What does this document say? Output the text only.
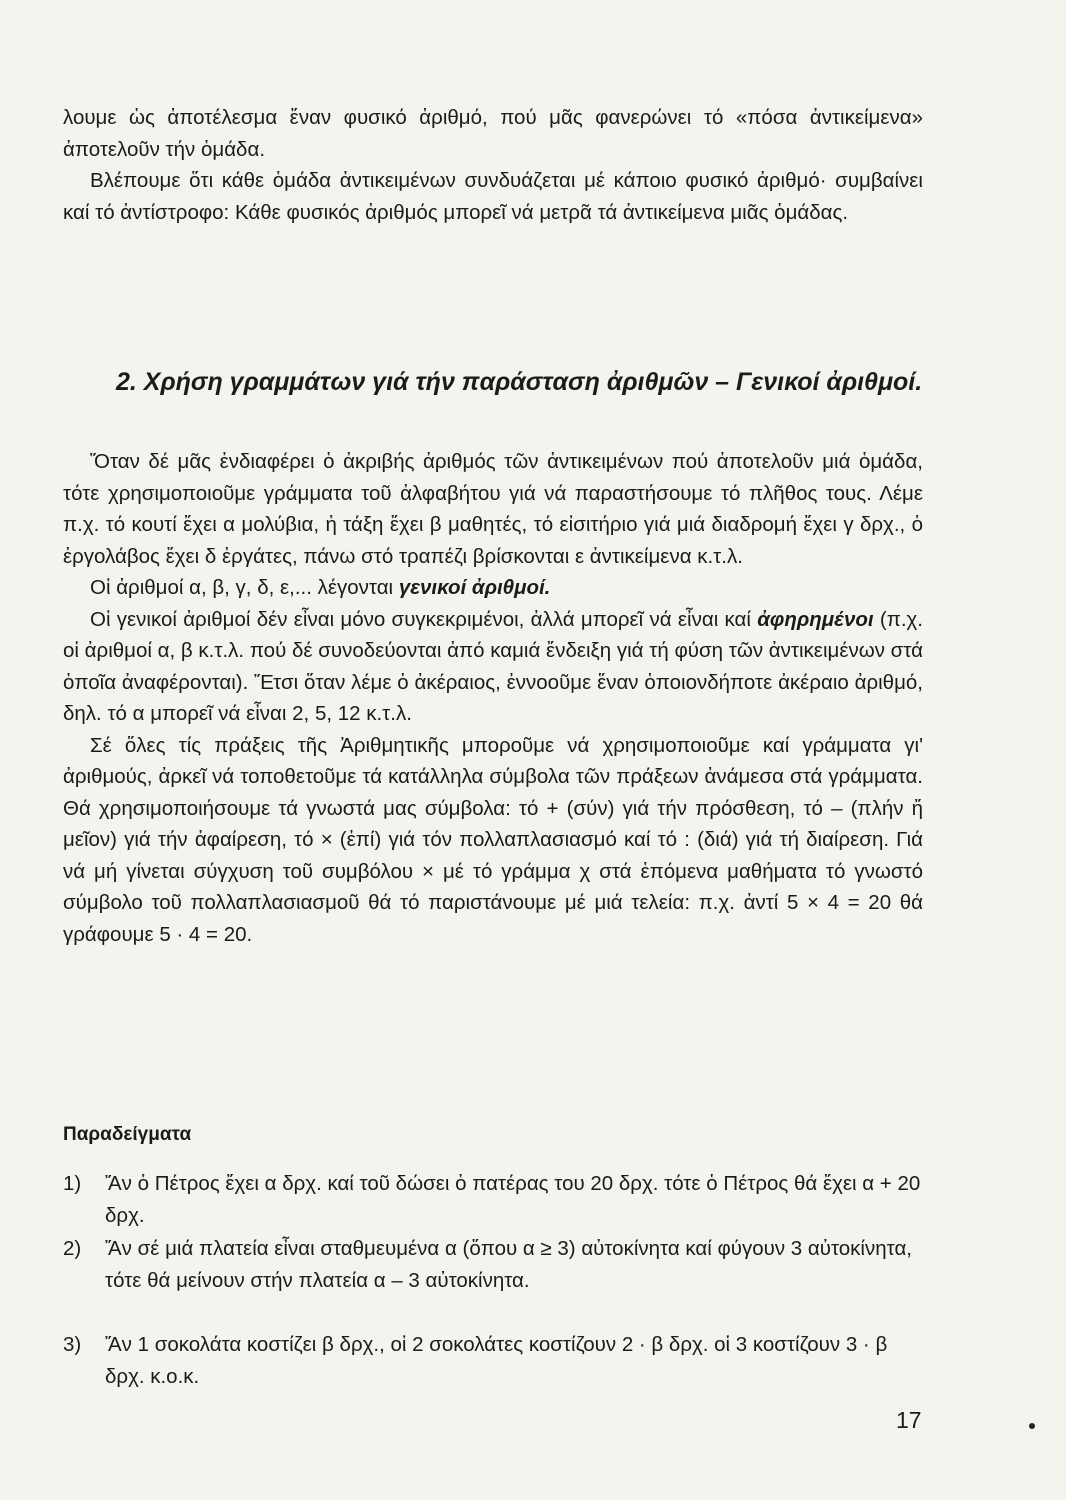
λουμε ὡς ἀποτέλεσμα ἕναν φυσικό ἀριθμό, πού μᾶς φανερώνει τό «πόσα ἀντικείμενα» ἀποτελοῦν τήν ὁμάδα.

Βλέπουμε ὅτι κάθε ὁμάδα ἀντικειμένων συνδυάζεται μέ κάποιο φυσικό ἀριθμό· συμβαίνει καί τό ἀντίστροφο: Κάθε φυσικός ἀριθμός μπορεῖ νά μετρᾶ τά ἀντικείμενα μιᾶς ὁμάδας.

2. Χρήση γραμμάτων γιά τήν παράσταση ἀριθμῶν – Γενικοί ἀριθμοί.

Ὅταν δέ μᾶς ἐνδιαφέρει ὁ ἀκριβής ἀριθμός τῶν ἀντικειμένων πού ἀποτελοῦν μιά ὁμάδα, τότε χρησιμοποιοῦμε γράμματα τοῦ ἀλφαβήτου γιά νά παραστήσουμε τό πλῆθος τους. Λέμε π.χ. τό κουτί ἔχει α μολύβια, ἡ τάξη ἔχει β μαθητές, τό εἰσιτήριο γιά μιά διαδρομή ἔχει γ δρχ., ὁ ἐργολάβος ἔχει δ ἐργάτες, πάνω στό τραπέζι βρίσκονται ε ἀντικείμενα κ.τ.λ.

Οἱ ἀριθμοί α, β, γ, δ, ε,... λέγονται γενικοί ἀριθμοί.

Οἱ γενικοί ἀριθμοί δέν εἶναι μόνο συγκεκριμένοι, ἀλλά μπορεῖ νά εἶναι καί ἀφηρημένοι (π.χ. οἱ ἀριθμοί α, β κ.τ.λ. πού δέ συνοδεύονται ἀπό καμιά ἔνδειξη γιά τή φύση τῶν ἀντικειμένων στά ὁποῖα ἀναφέρονται). Ἔτσι ὅταν λέμε ὁ ἀκέραιος, ἐννοοῦμε ἕναν ὁποιονδήποτε ἀκέραιο ἀριθμό, δηλ. τό α μπορεῖ νά εἶναι 2, 5, 12 κ.τ.λ.

Σέ ὅλες τίς πράξεις τῆς Ἀριθμητικῆς μποροῦμε νά χρησιμοποιοῦμε καί γράμματα γι' ἀριθμούς, ἀρκεῖ νά τοποθετοῦμε τά κατάλληλα σύμβολα τῶν πράξεων ἀνάμεσα στά γράμματα. Θά χρησιμοποιήσουμε τά γνωστά μας σύμβολα: τό + (σύν) γιά τήν πρόσθεση, τό – (πλήν ἤ μεῖον) γιά τήν ἀφαίρεση, τό × (ἐπί) γιά τόν πολλαπλασιασμό καί τό : (διά) γιά τή διαίρεση. Γιά νά μή γίνεται σύγχυση τοῦ συμβόλου × μέ τό γράμμα χ στά ἑπόμενα μαθήματα τό γνωστό σύμβολο τοῦ πολλαπλασιασμοῦ θά τό παριστάνουμε μέ μιά τελεία: π.χ. ἀντί 5 × 4 = 20 θά γράφουμε 5 · 4 = 20.

Παραδείγματα

1)	Ἄν ὁ Πέτρος ἔχει α δρχ. καί τοῦ δώσει ὁ πατέρας του 20 δρχ. τότε ὁ Πέτρος θά ἔχει α + 20 δρχ.
2)	Ἄν σέ μιά πλατεία εἶναι σταθμευμένα α (ὅπου α ≥ 3) αὐτοκίνητα καί φύγουν 3 αὐτοκίνητα, τότε θά μείνουν στήν πλατεία α – 3 αὐτοκίνητα.
3)	Ἄν 1 σοκολάτα κοστίζει β δρχ., οἱ 2 σοκολάτες κοστίζουν 2 · β δρχ. οἱ 3 κοστίζουν 3 · β δρχ. κ.ο.κ.
17
